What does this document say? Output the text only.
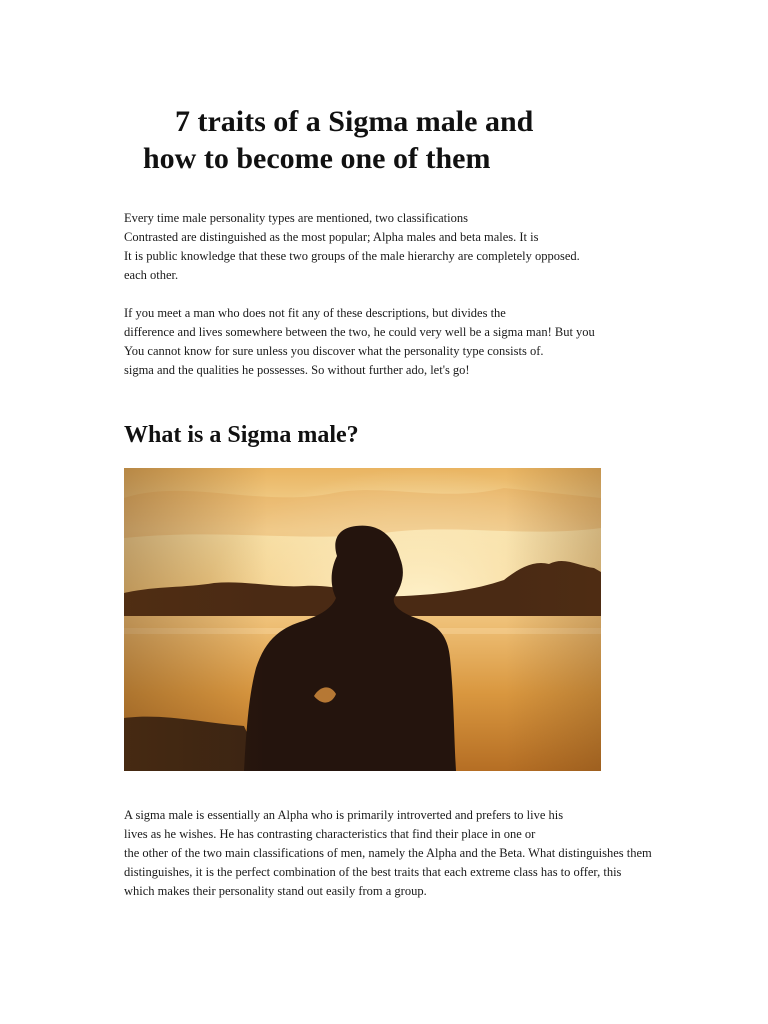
7 traits of a Sigma male and
how to become one of them

Every time male personality types are mentioned, two classifications
Contrasted are distinguished as the most popular; Alpha males and beta males. It is
It is public knowledge that these two groups of the male hierarchy are completely opposed.
each other.

If you meet a man who does not fit any of these descriptions, but divides the
difference and lives somewhere between the two, he could very well be a sigma man! But you
You cannot know for sure unless you discover what the personality type consists of.
sigma and the qualities he possesses. So without further ado, let's go!

What is a Sigma male?

A sigma male is essentially an Alpha who is primarily introverted and prefers to live his
lives as he wishes. He has contrasting characteristics that find their place in one or
the other of the two main classifications of men, namely the Alpha and the Beta. What distinguishes them
distinguishes, it is the perfect combination of the best traits that each extreme class has to offer, this
which makes their personality stand out easily from a group.
